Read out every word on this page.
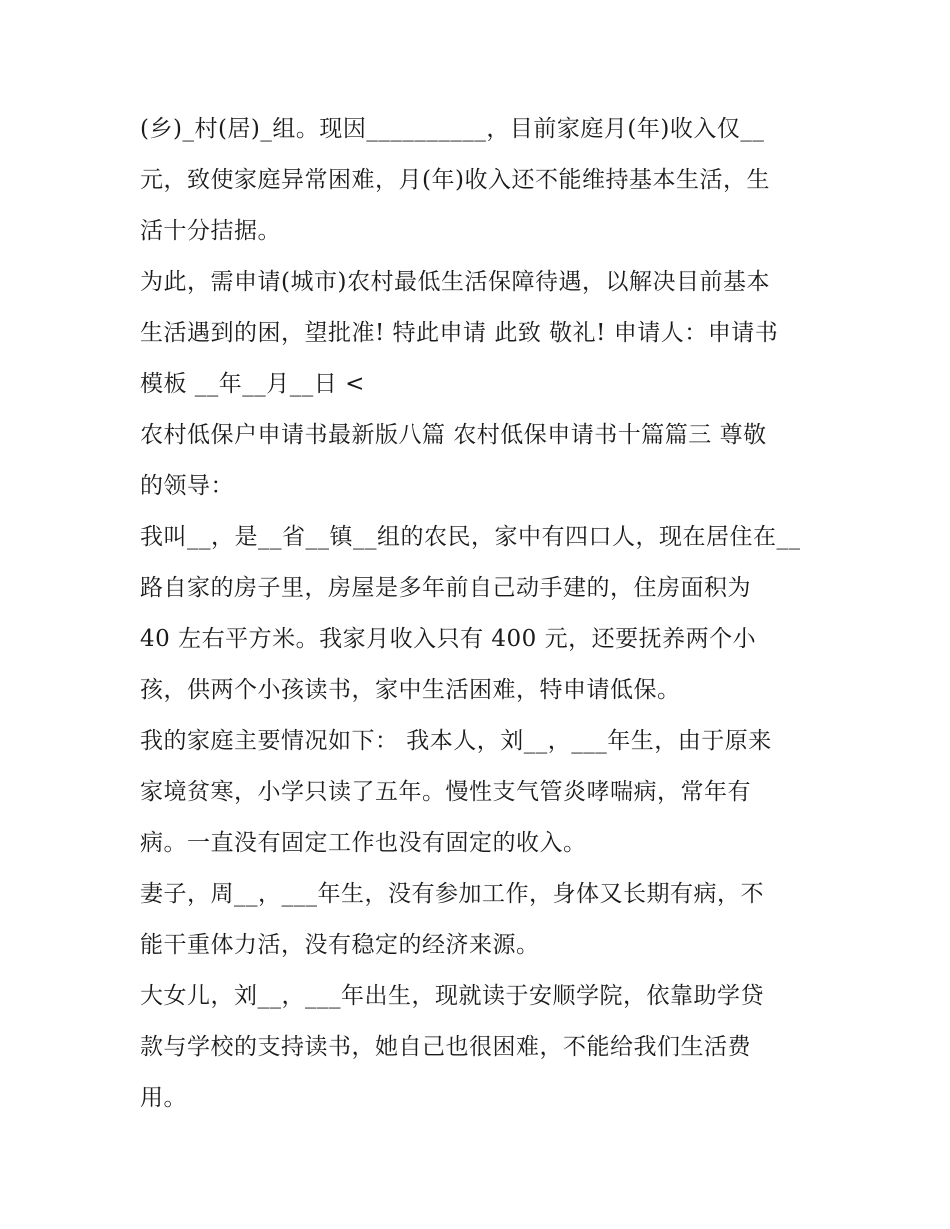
(乡)_村(居)_组。现因__________，目前家庭月(年)收入仅__
元，致使家庭异常困难，月(年)收入还不能维持基本生活，生
活十分拮据。
为此，需申请(城市)农村最低生活保障待遇，以解决目前基本
生活遇到的困，望批准! 特此申请 此致 敬礼! 申请人：申请书
模板 __年__月__日 <
农村低保户申请书最新版八篇 农村低保申请书十篇篇三 尊敬
的领导：
我叫__，是__省__镇__组的农民，家中有四口人，现在居住在__
路自家的房子里，房屋是多年前自己动手建的，住房面积为
40 左右平方米。我家月收入只有 400 元，还要抚养两个小
孩，供两个小孩读书，家中生活困难，特申请低保。
我的家庭主要情况如下： 我本人，刘__，___年生，由于原来
家境贫寒，小学只读了五年。慢性支气管炎哮喘病，常年有
病。一直没有固定工作也没有固定的收入。
妻子，周__，___年生，没有参加工作，身体又长期有病，不
能干重体力活，没有稳定的经济来源。
大女儿，刘__，___年出生，现就读于安顺学院，依靠助学贷
款与学校的支持读书，她自己也很困难，不能给我们生活费
用。
